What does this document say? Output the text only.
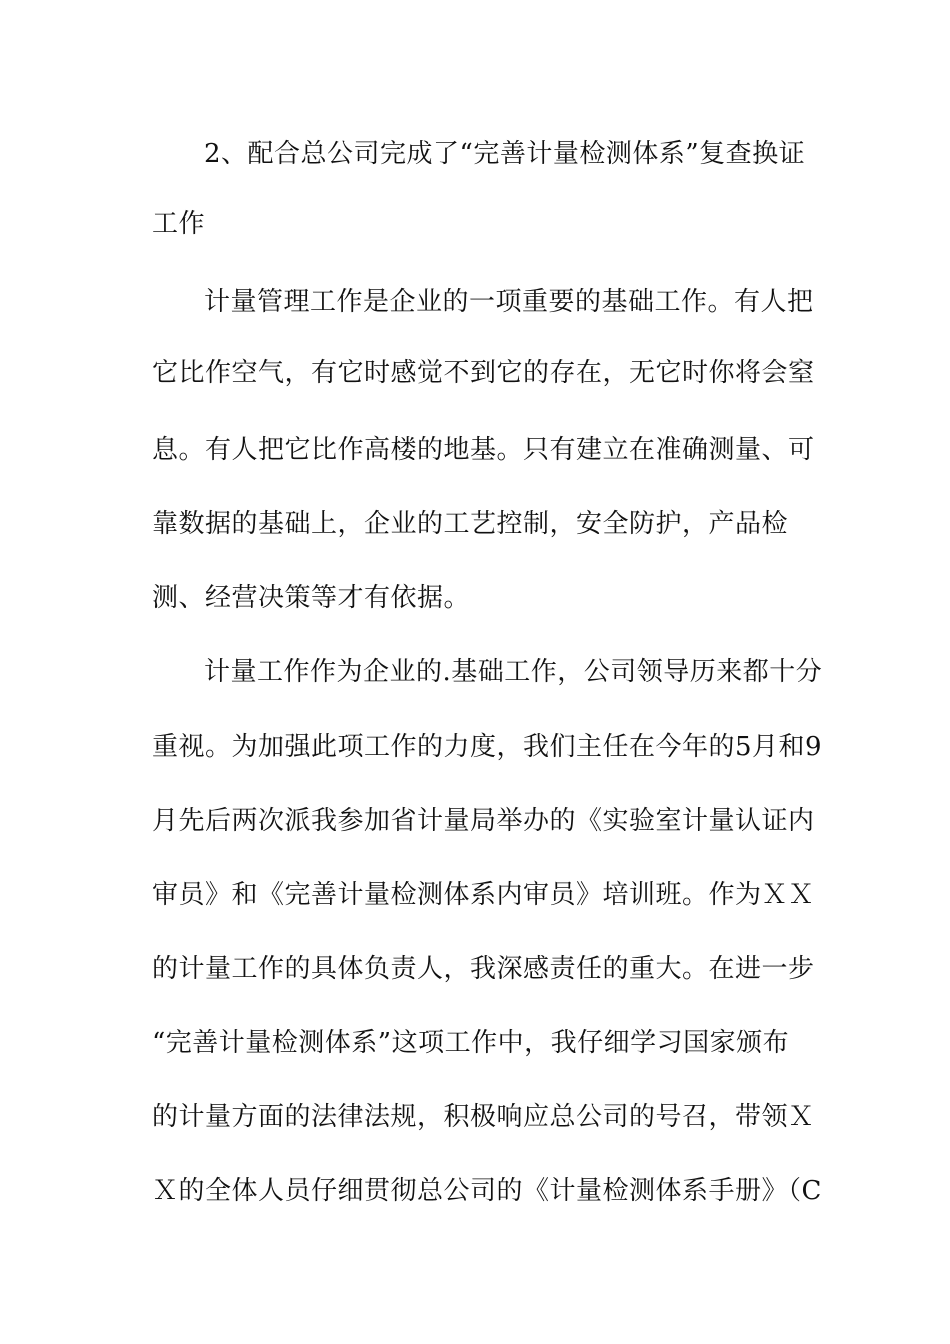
2、配合总公司完成了“完善计量检测体系”复查换证
工作
计量管理工作是企业的一项重要的基础工作。有人把
它比作空气，有它时感觉不到它的存在，无它时你将会窒
息。有人把它比作高楼的地基。只有建立在准确测量、可
靠数据的基础上，企业的工艺控制，安全防护，产品检
测、经营决策等才有依据。
计量工作作为企业的.基础工作，公司领导历来都十分
重视。为加强此项工作的力度，我们主任在今年的5月和9
月先后两次派我参加省计量局举办的《实验室计量认证内
审员》和《完善计量检测体系内审员》培训班。作为ＸＸ
的计量工作的具体负责人，我深感责任的重大。在进一步
“完善计量检测体系”这项工作中，我仔细学习国家颁布
的计量方面的法律法规，积极响应总公司的号召，带领Ｘ
Ｘ的全体人员仔细贯彻总公司的《计量检测体系手册》（C
